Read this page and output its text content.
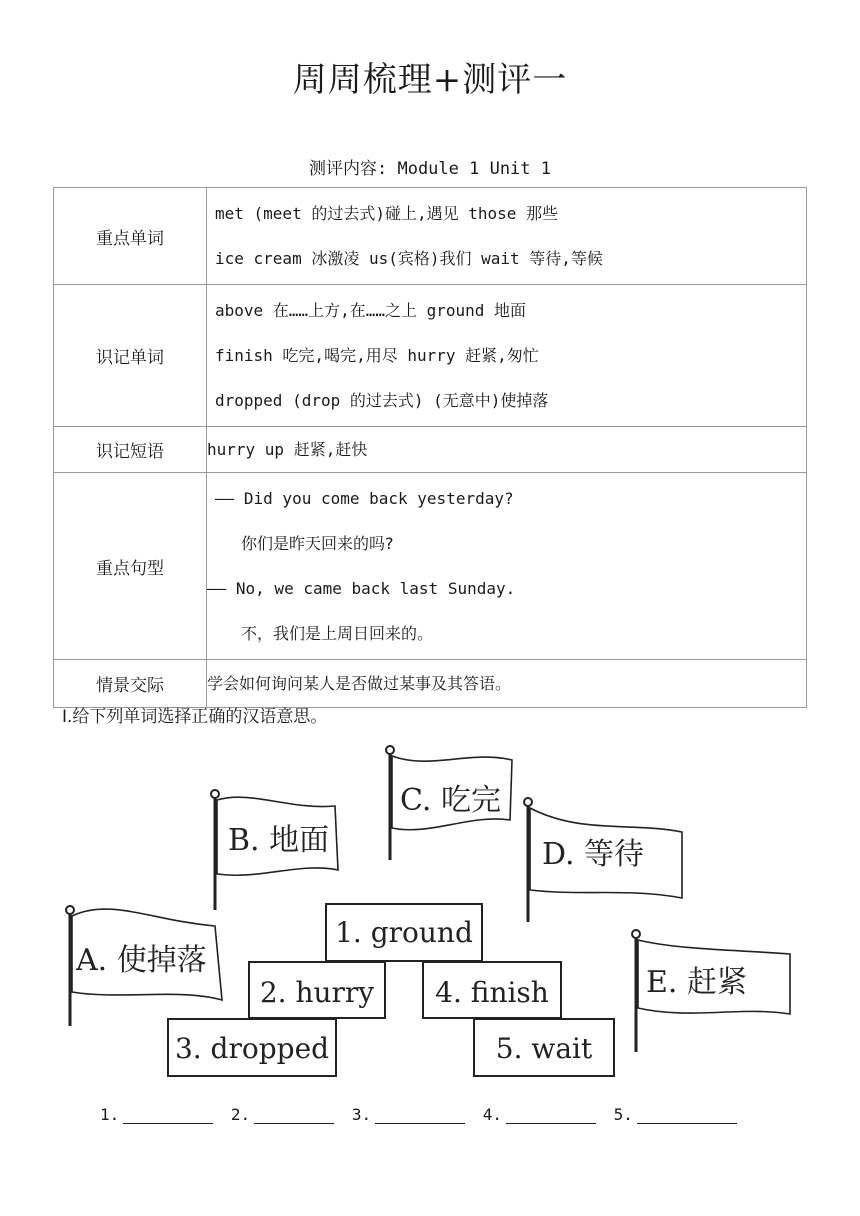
周周梳理+测评一
测评内容: Module 1 Unit 1
重点单词	met (meet 的过去式)碰上,遇见 those 那些
ice cream 冰激凌 us(宾格)我们 wait 等待,等候

识记单词	above 在……上方,在……之上 ground 地面
finish 吃完,喝完,用尽 hurry 赶紧,匆忙
dropped (drop 的过去式) (无意中)使掉落

识记短语	hurry up 赶紧,赶快

重点句型	—— Did you come back yesterday?
你们是昨天回来的吗?
—— No, we came back last Sunday.
不，我们是上周日回来的。

情景交际	学会如何询问某人是否做过某事及其答语。
I.给下列单词选择正确的汉语意思。
A. 使掉落
B. 地面
C. 吃完
D. 等待
E. 赶紧
1. ground
2. hurry
3. dropped
4. finish
5. wait
1.	2.	3.	4.	5.
